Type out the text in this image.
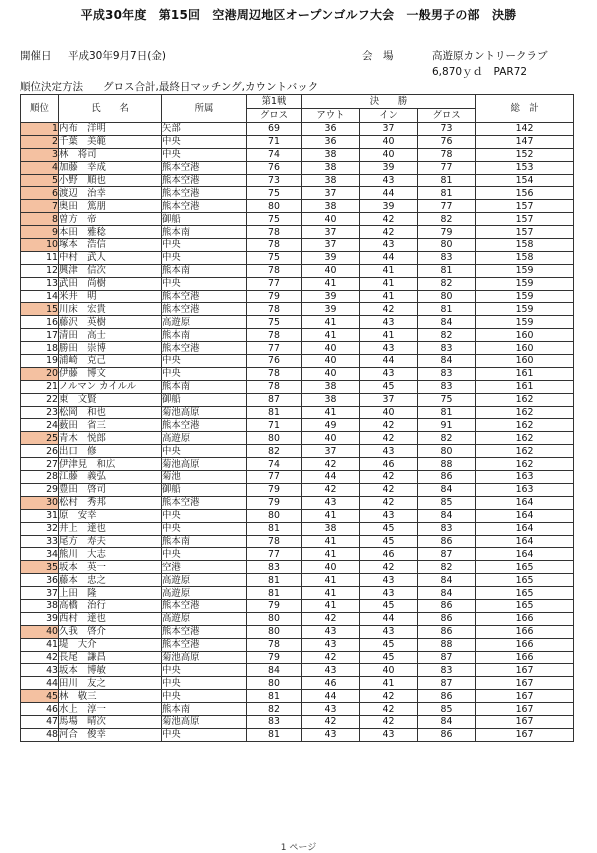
平成30年度　第15回　空港周辺地区オープンゴルフ大会　一般男子の部　決勝
開催日 平成30年9月7日(金)	会　場	高遊原カントリークラブ
6,870ｙｄ　PAR72
順位決定方法 グロス合計,最終日マッチング,カウントバック
順位	氏　　名	所属	第1戦	決　　勝			総　計
			グロス	アウト	イン	グロス	
1	内布　洋明	矢部	69	36	37	73	142
2	千葉　美範	中央	71	36	40	76	147
3	林　将司	中央	74	38	40	78	152
4	加藤　幸成	熊本空港	76	38	39	77	153
5	小野　順也	熊本空港	73	38	43	81	154
6	渡辺　治幸	熊本空港	75	37	44	81	156
7	奥田　篤朋	熊本空港	80	38	39	77	157
8	曽方　帝	御船	75	40	42	82	157
9	本田　雅稔	熊本南	78	37	42	79	157
10	塚本　浩信	中央	78	37	43	80	158
11	中村　武人	中央	75	39	44	83	158
12	興津　信次	熊本南	78	40	41	81	159
13	武田　尚樹	中央	77	41	41	82	159
14	米井　明	熊本空港	79	39	41	80	159
15	川床　宏貴	熊本空港	78	39	42	81	159
16	藤沢　英樹	高遊原	75	41	43	84	159
17	清田　高士	熊本南	78	41	41	82	160
18	勝田　崇博	熊本空港	77	40	43	83	160
19	浦崎　克己	中央	76	40	44	84	160
20	伊藤　博文	中央	78	40	43	83	161
21	ノルマン カイルル	熊本南	78	38	45	83	161
22	東　文賢	御船	87	38	37	75	162
23	松岡　和也	菊池高原	81	41	40	81	162
24	薮田　省三	熊本空港	71	49	42	91	162
25	青木　悦郎	高遊原	80	40	42	82	162
26	出口　修	中央	82	37	43	80	162
27	伊津見　和広	菊池高原	74	42	46	88	162
28	江藤　義弘	菊池	77	44	42	86	163
29	豊田　啓司	御船	79	42	42	84	163
30	松村　秀邦	熊本空港	79	43	42	85	164
31	原　安幸	中央	80	41	43	84	164
32	井上　達也	中央	81	38	45	83	164
33	尾方　寿夫	熊本南	78	41	45	86	164
34	熊川　大志	中央	77	41	46	87	164
35	坂本　英一	空港	83	40	42	82	165
36	藤本　忠之	高遊原	81	41	43	84	165
37	上田　隆	高遊原	81	41	43	84	165
38	高橋　治行	熊本空港	79	41	45	86	165
39	西村　達也	高遊原	80	42	44	86	166
40	久我　啓介	熊本空港	80	43	43	86	166
41	堤　大介	熊本空港	78	43	45	88	166
42	長尾　謙昌	菊池高原	79	42	45	87	166
43	坂本　博敏	中央	84	43	40	83	167
44	田川　友之	中央	80	46	41	87	167
45	林　敬三	中央	81	44	42	86	167
46	水上　淳一	熊本南	82	43	42	85	167
47	馬場　晴次	菊池高原	83	42	42	84	167
48	河合　俊幸	中央	81	43	43	86	167
1 ページ
